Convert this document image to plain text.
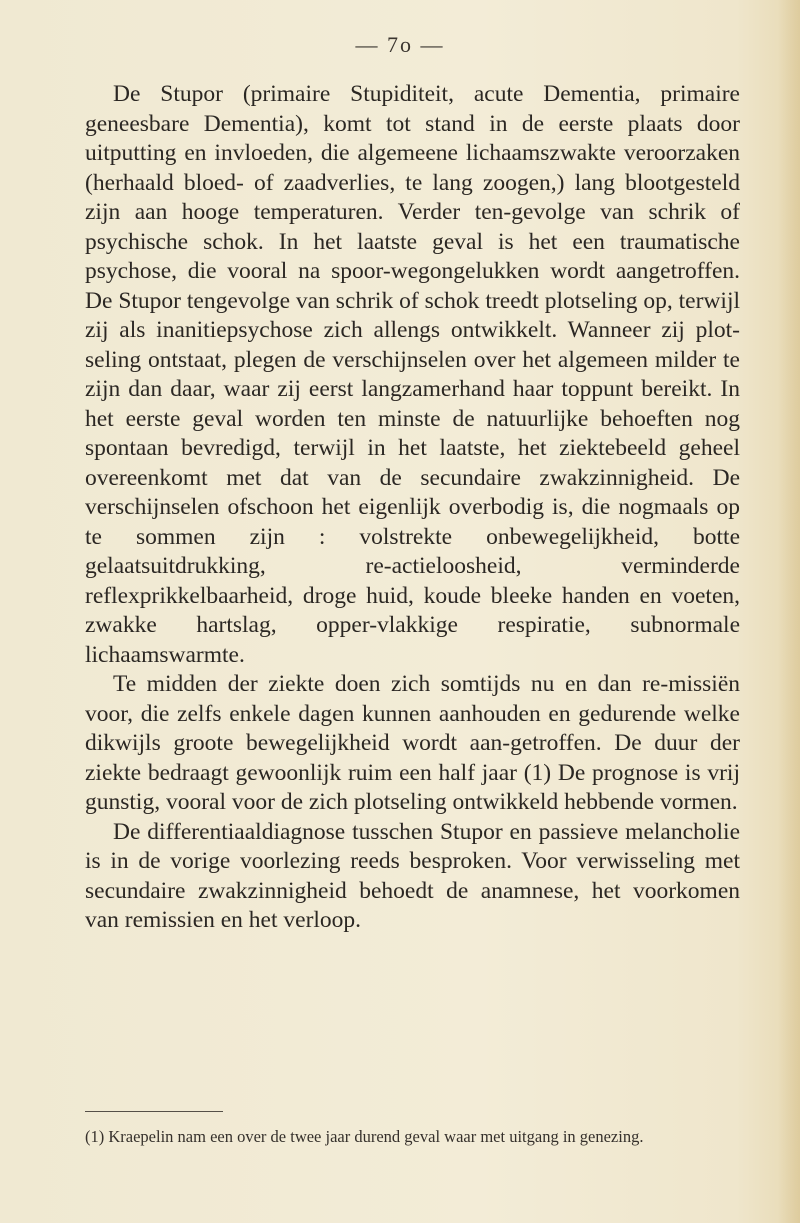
— 7o —

De Stupor (primaire Stupiditeit, acute Dementia, primaire geneesbare Dementia), komt tot stand in de eerste plaats door uitputting en invloeden, die algemeene lichaamszwakte veroorzaken (herhaald bloed- of zaadverlies, te lang zoogen,) lang blootgesteld zijn aan hooge temperaturen. Verder ten-gevolge van schrik of psychische schok. In het laatste geval is het een traumatische psychose, die vooral na spoor-wegongelukken wordt aangetroffen. De Stupor tengevolge van schrik of schok treedt plotseling op, terwijl zij als inanitiepsychose zich allengs ontwikkelt. Wanneer zij plot-seling ontstaat, plegen de verschijnselen over het algemeen milder te zijn dan daar, waar zij eerst langzamerhand haar toppunt bereikt. In het eerste geval worden ten minste de natuurlijke behoeften nog spontaan bevredigd, terwijl in het laatste, het ziektebeeld geheel overeenkomt met dat van de secundaire zwakzinnigheid. De verschijnselen ofschoon het eigenlijk overbodig is, die nogmaals op te sommen zijn : volstrekte onbewegelijkheid, botte gelaatsuitdrukking, re-actieloosheid, verminderde reflexprikkelbaarheid, droge huid, koude bleeke handen en voeten, zwakke hartslag, opper-vlakkige respiratie, subnormale lichaamswarmte.

Te midden der ziekte doen zich somtijds nu en dan re-missiën voor, die zelfs enkele dagen kunnen aanhouden en gedurende welke dikwijls groote bewegelijkheid wordt aan-getroffen. De duur der ziekte bedraagt gewoonlijk ruim een half jaar (1) De prognose is vrij gunstig, vooral voor de zich plotseling ontwikkeld hebbende vormen.

De differentiaaldiagnose tusschen Stupor en passieve melancholie is in de vorige voorlezing reeds besproken. Voor verwisseling met secundaire zwakzinnigheid behoedt de anamnese, het voorkomen van remissien en het verloop.

(1) Kraepelin nam een over de twee jaar durend geval waar met uitgang in genezing.
